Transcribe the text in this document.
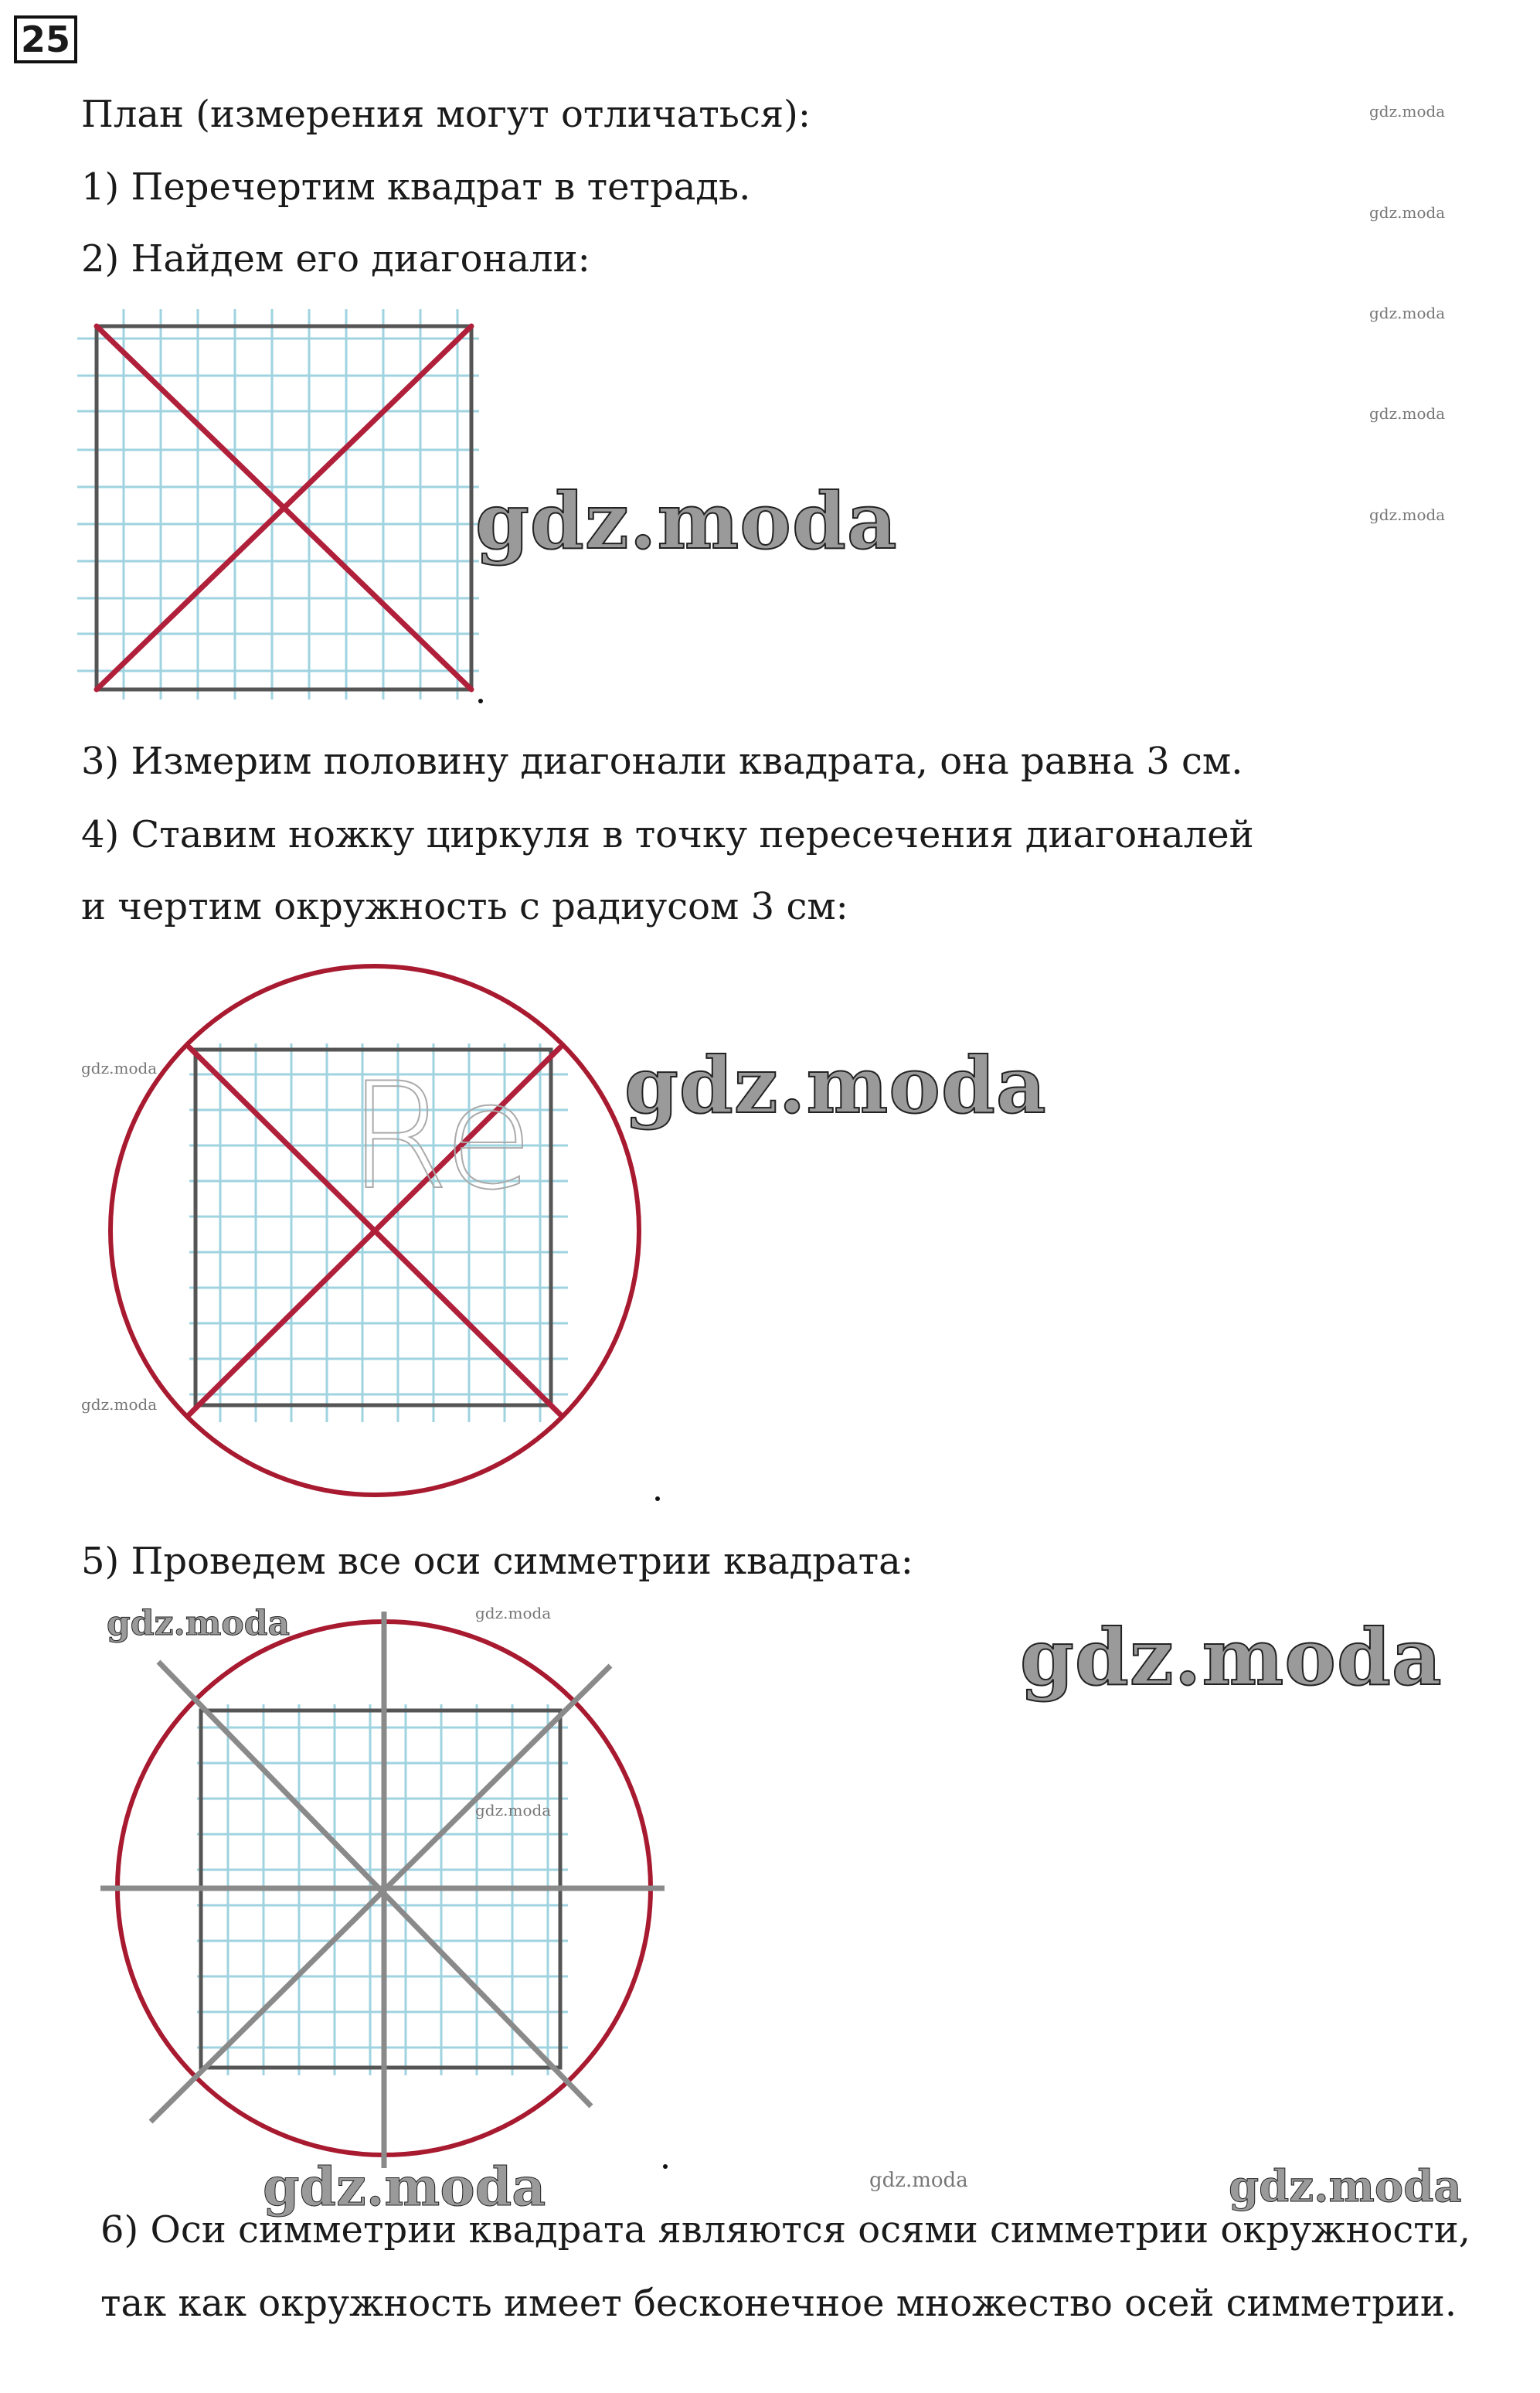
25
План (измерения могут отличаться):
1) Перечертим квадрат в тетрадь.
2) Найдем его диагонали:
gdz.moda
gdz.moda
gdz.moda
gdz.moda
gdz.moda
gdz.moda
3) Измерим половину диагонали квадрата, она равна 3 см.
4) Ставим ножку циркуля в точку пересечения диагоналей
и чертим окружность с радиусом 3 см:
Re gdz.moda
gdz.moda
gdz.moda
5) Проведем все оси симметрии квадрата:
gdz.moda	gdz.moda
gdz.moda
gdz.moda
gdz.moda	gdz.moda	gdz.moda
6) Оси симметрии квадрата являются осями симметрии окружности,
так как окружность имеет бесконечное множество осей симметрии.
